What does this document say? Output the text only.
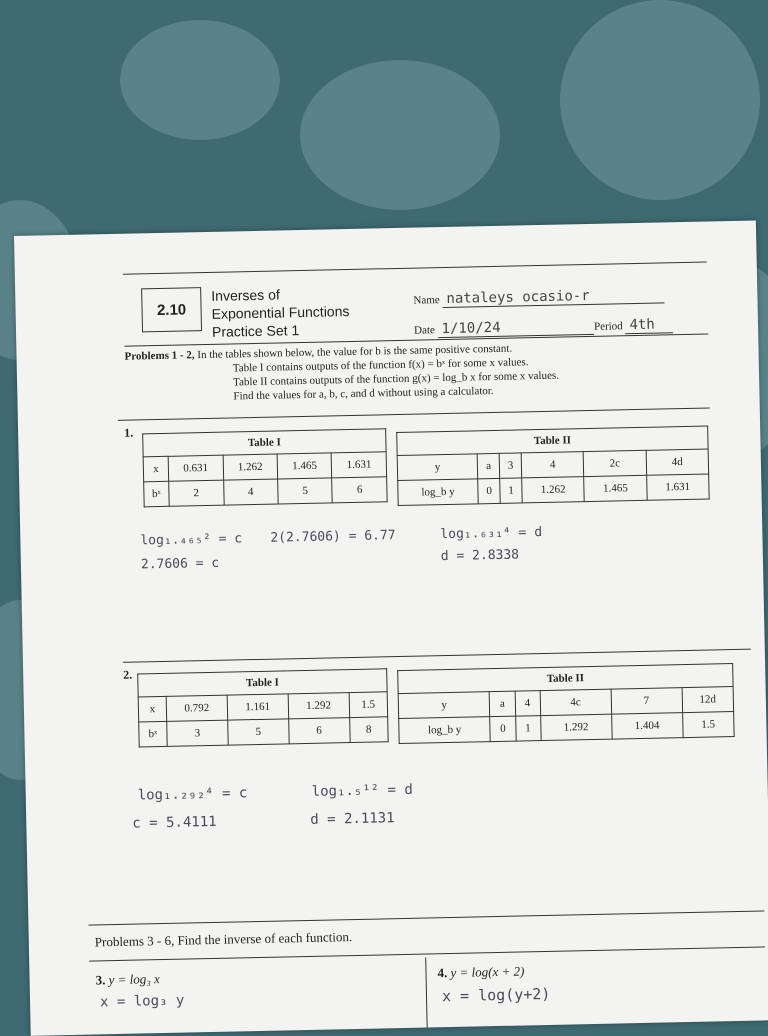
2.10
Inverses of
Exponential Functions
Practice Set 1
Name nataleys ocasio-r
Date 1/10/24	Period 4th
Problems 1 - 2, In the tables shown below, the value for b is the same positive constant.
Table I contains outputs of the function f(x) = bˣ for some x values.
Table II contains outputs of the function g(x) = log_b x for some x values.
Find the values for a, b, c, and d without using a calculator.
1.
Table I				
x	0.631	1.262	1.465	1.631
bˣ	2	4	5	6
Table II					
y	a	3	4	2c	4d
log_b y	0	1	1.262	1.465	1.631
log₁.₄₆₅² = c 2(2.7606) = 6.77
2.7606 = c
log₁.₆₃₁⁴ = d
d = 2.8338
2.
Table I				
x	0.792	1.161	1.292	1.5
bˣ	3	5	6	8
Table II					
y	a	4	4c	7	12d
log_b y	0	1	1.292	1.404	1.5
log₁.₂₉₂⁴ = c	log₁.₅¹² = d
c = 5.4111	d = 2.1131
Problems 3 - 6, Find the inverse of each function.
3. y = log₃ x
x = log₃ y
4. y = log(x + 2)
x = log(y+2)
